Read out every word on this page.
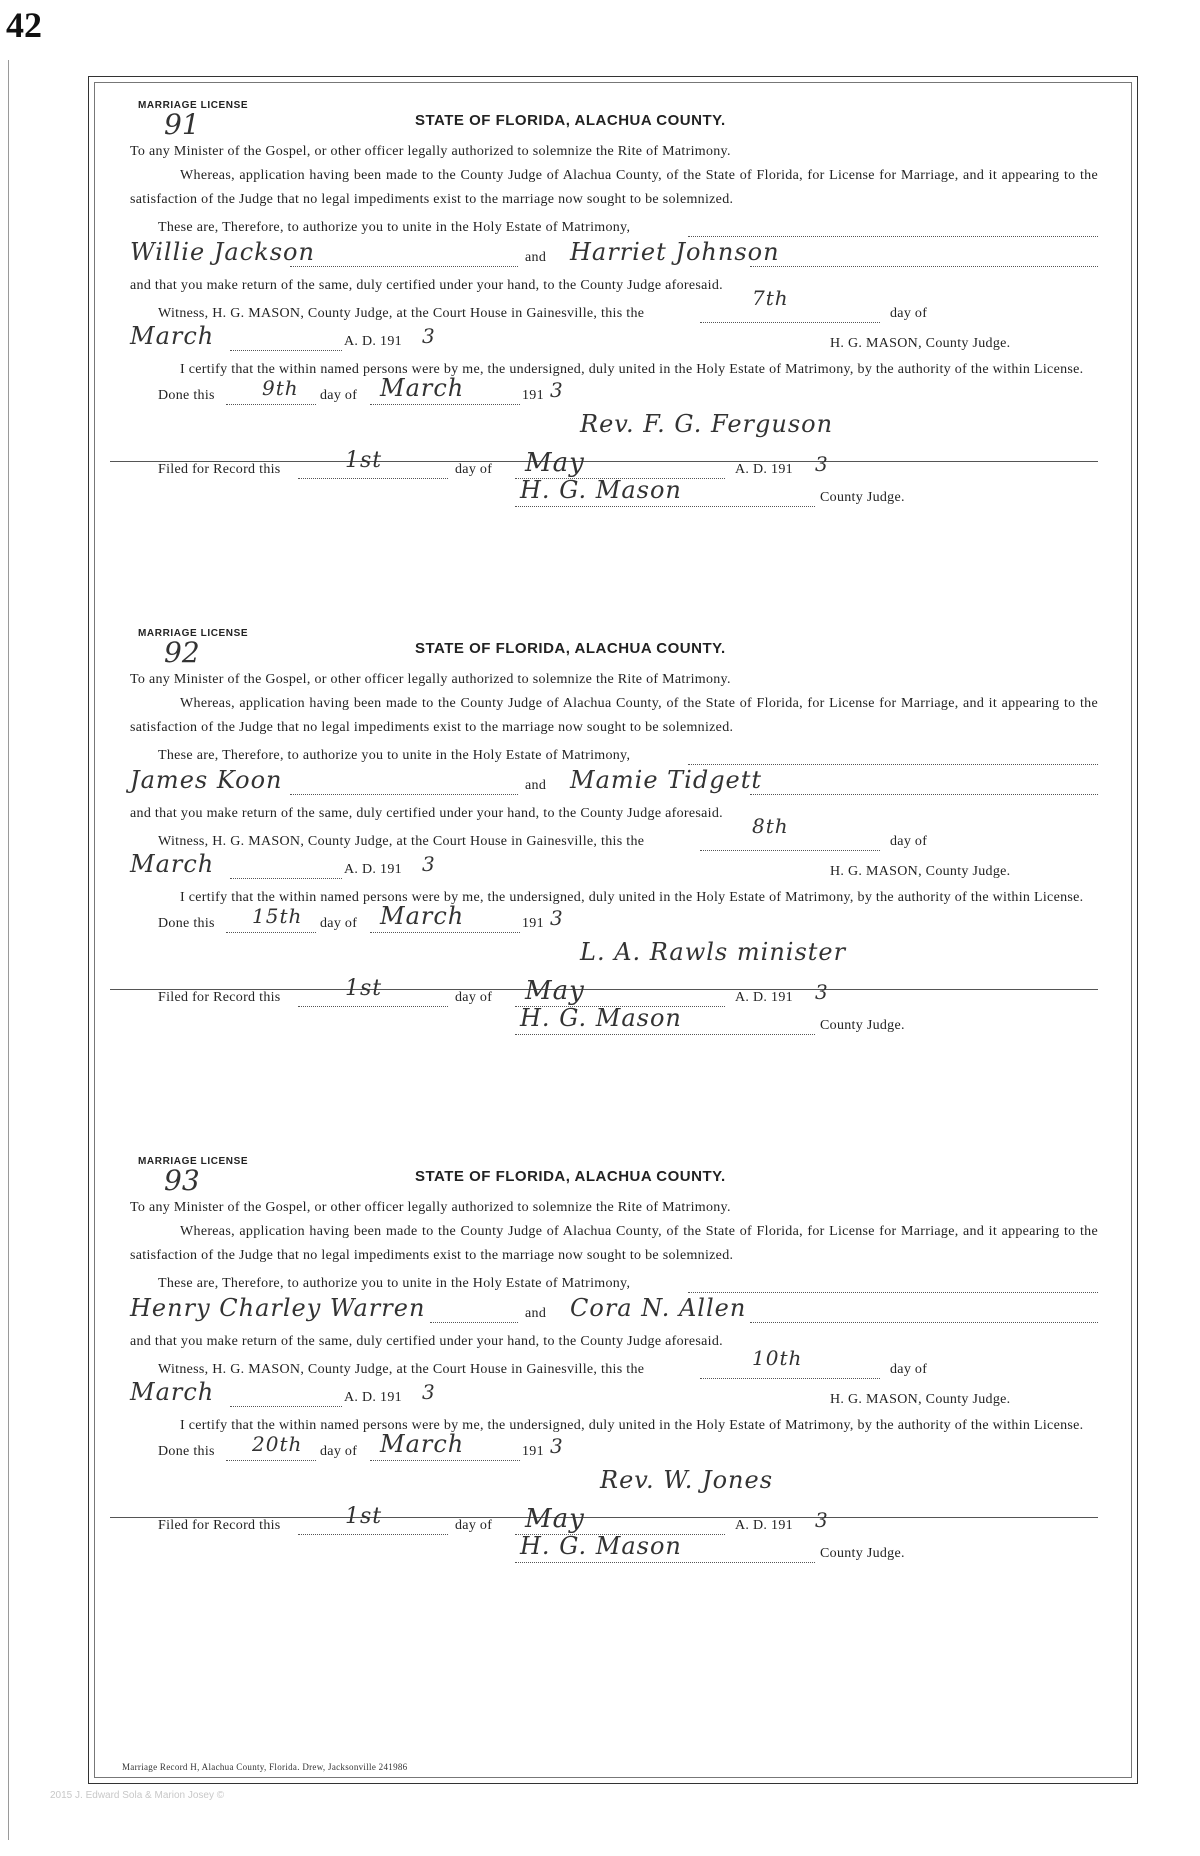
42
MARRIAGE LICENSE
91	STATE OF FLORIDA, ALACHUA COUNTY.

To any Minister of the Gospel, or other officer legally authorized to solemnize the Rite of Matrimony.

Whereas, application having been made to the County Judge of Alachua County, of the State of Florida, for License for Marriage, and it appearing to the satisfaction of the Judge that no legal impediments exist to the marriage now sought to be solemnized.

These are, Therefore, to authorize you to unite in the Holy Estate of Matrimony,
Willie Jackson	and Harriet Johnson
and that you make return of the same, duly certified under your hand, to the County Judge aforesaid.
Witness, H. G. MASON, County Judge, at the Court House in Gainesville, this the
7th
day of
March	A. D. 191 3	H. G. MASON, County Judge.

I certify that the within named persons were by me, the undersigned, duly united in the Holy Estate of Matrimony, by the authority of the within License.

Done this 9th day of March	191 3
Rev. F. G. Ferguson
Filed for Record this	1st	day of May	A. D. 191 3
H. G. Mason	County Judge.
MARRIAGE LICENSE
92	STATE OF FLORIDA, ALACHUA COUNTY.

To any Minister of the Gospel, or other officer legally authorized to solemnize the Rite of Matrimony.

Whereas, application having been made to the County Judge of Alachua County, of the State of Florida, for License for Marriage, and it appearing to the satisfaction of the Judge that no legal impediments exist to the marriage now sought to be solemnized.

These are, Therefore, to authorize you to unite in the Holy Estate of Matrimony,
James Koon	and Mamie Tidgett
and that you make return of the same, duly certified under your hand, to the County Judge aforesaid.
Witness, H. G. MASON, County Judge, at the Court House in Gainesville, this the
8th
day of
March	A. D. 191 3	H. G. MASON, County Judge.

I certify that the within named persons were by me, the undersigned, duly united in the Holy Estate of Matrimony, by the authority of the within License.

Done this 15th day of March	191 3
L. A. Rawls minister
Filed for Record this	1st	day of May	A. D. 191 3
H. G. Mason	County Judge.
MARRIAGE LICENSE
93	STATE OF FLORIDA, ALACHUA COUNTY.

To any Minister of the Gospel, or other officer legally authorized to solemnize the Rite of Matrimony.

Whereas, application having been made to the County Judge of Alachua County, of the State of Florida, for License for Marriage, and it appearing to the satisfaction of the Judge that no legal impediments exist to the marriage now sought to be solemnized.

These are, Therefore, to authorize you to unite in the Holy Estate of Matrimony,
Henry Charley Warren	and Cora N. Allen
and that you make return of the same, duly certified under your hand, to the County Judge aforesaid.
Witness, H. G. MASON, County Judge, at the Court House in Gainesville, this the	10th	day of
March	A. D. 191 3	H. G. MASON, County Judge.

I certify that the within named persons were by me, the undersigned, duly united in the Holy Estate of Matrimony, by the authority of the within License.

Done this 20th day of March	191 3
Rev. W. Jones
Filed for Record this	1st	day of May	A. D. 191 3
H. G. Mason	County Judge.
Marriage Record H, Alachua County, Florida. Drew, Jacksonville 241986
2015 J. Edward Sola & Marion Josey ©
